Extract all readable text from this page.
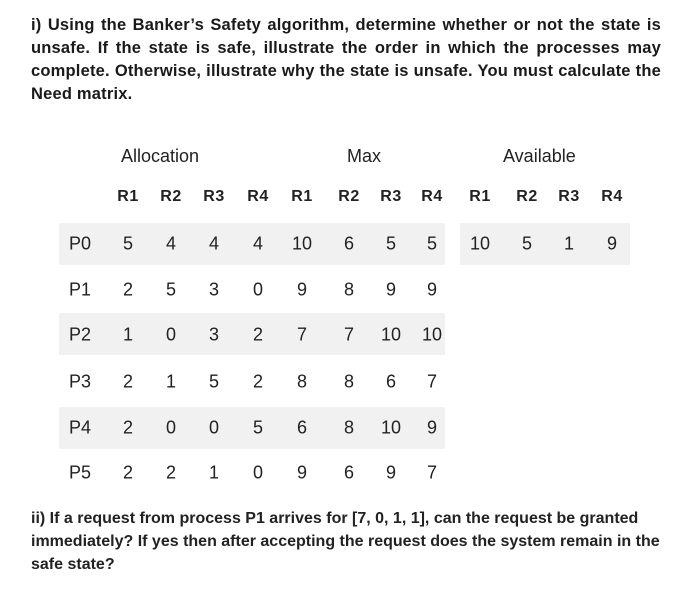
i) Using the Banker’s Safety algorithm, determine whether or not the state is unsafe. If the state is safe, illustrate the order in which the processes may complete. Otherwise, illustrate why the state is unsafe. You must calculate the Need matrix.
Allocation	Max	Available
R1 R2 R3 R4 R1 R2 R3 R4 R1 R2 R3 R4
P0 5 4 4 4 10 6 5 5
P1 2 5 3 0 9 8 9 9
P2 1 0 3 2 7 7 10 10
P3 2 1 5 2 8 8 6 7
P4 2 0 0 5 6 8 10 9
P5 2 2 1 0 9 6 9 7
10 5 1 9
ii) If a request from process P1 arrives for [7, 0, 1, 1], can the request be granted immediately? If yes then after accepting the request does the system remain in the safe state?
